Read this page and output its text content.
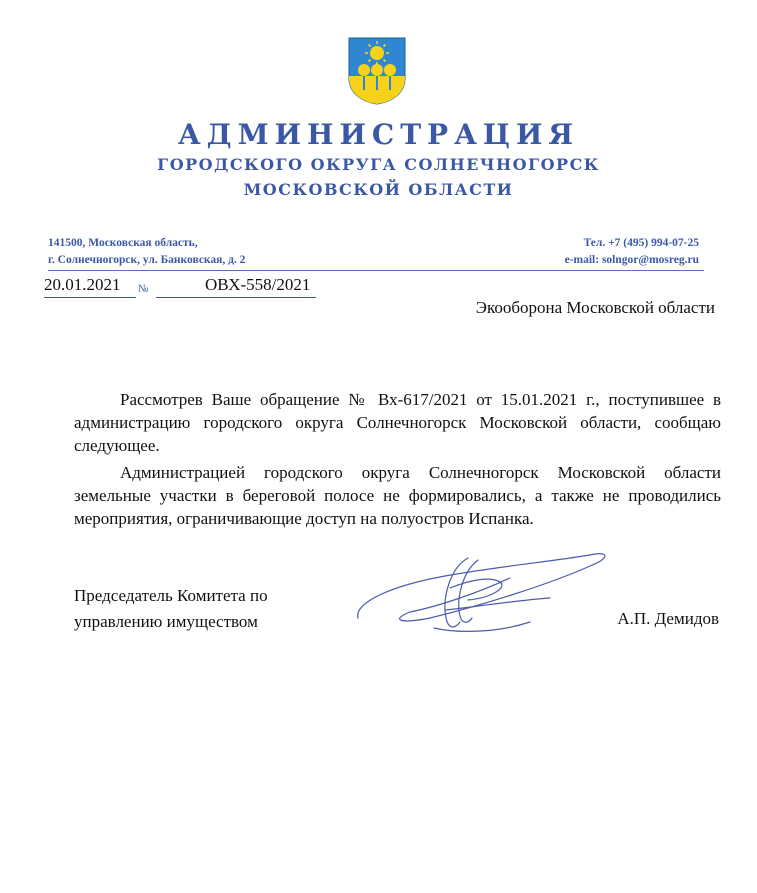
АДМИНИСТРАЦИЯ
ГОРОДСКОГО ОКРУГА СОЛНЕЧНОГОРСК
МОСКОВСКОЙ ОБЛАСТИ
141500, Московская область,
г. Солнечногорск, ул. Банковская, д. 2
Тел. +7 (495) 994-07-25
e-mail: solngor@mosreg.ru
20.01.2021 №	ОВХ-558/2021
Экооборона Московской области
Рассмотрев Ваше обращение № Вх-617/2021 от 15.01.2021 г., поступившее в администрацию городского округа Солнечногорск Московской области, сообщаю следующее.
Администрацией городского округа Солнечногорск Московской области земельные участки в береговой полосе не формировались, а также не проводились мероприятия, ограничивающие доступ на полуостров Испанка.
Председатель Комитета по
управлению имуществом	А.П. Демидов
